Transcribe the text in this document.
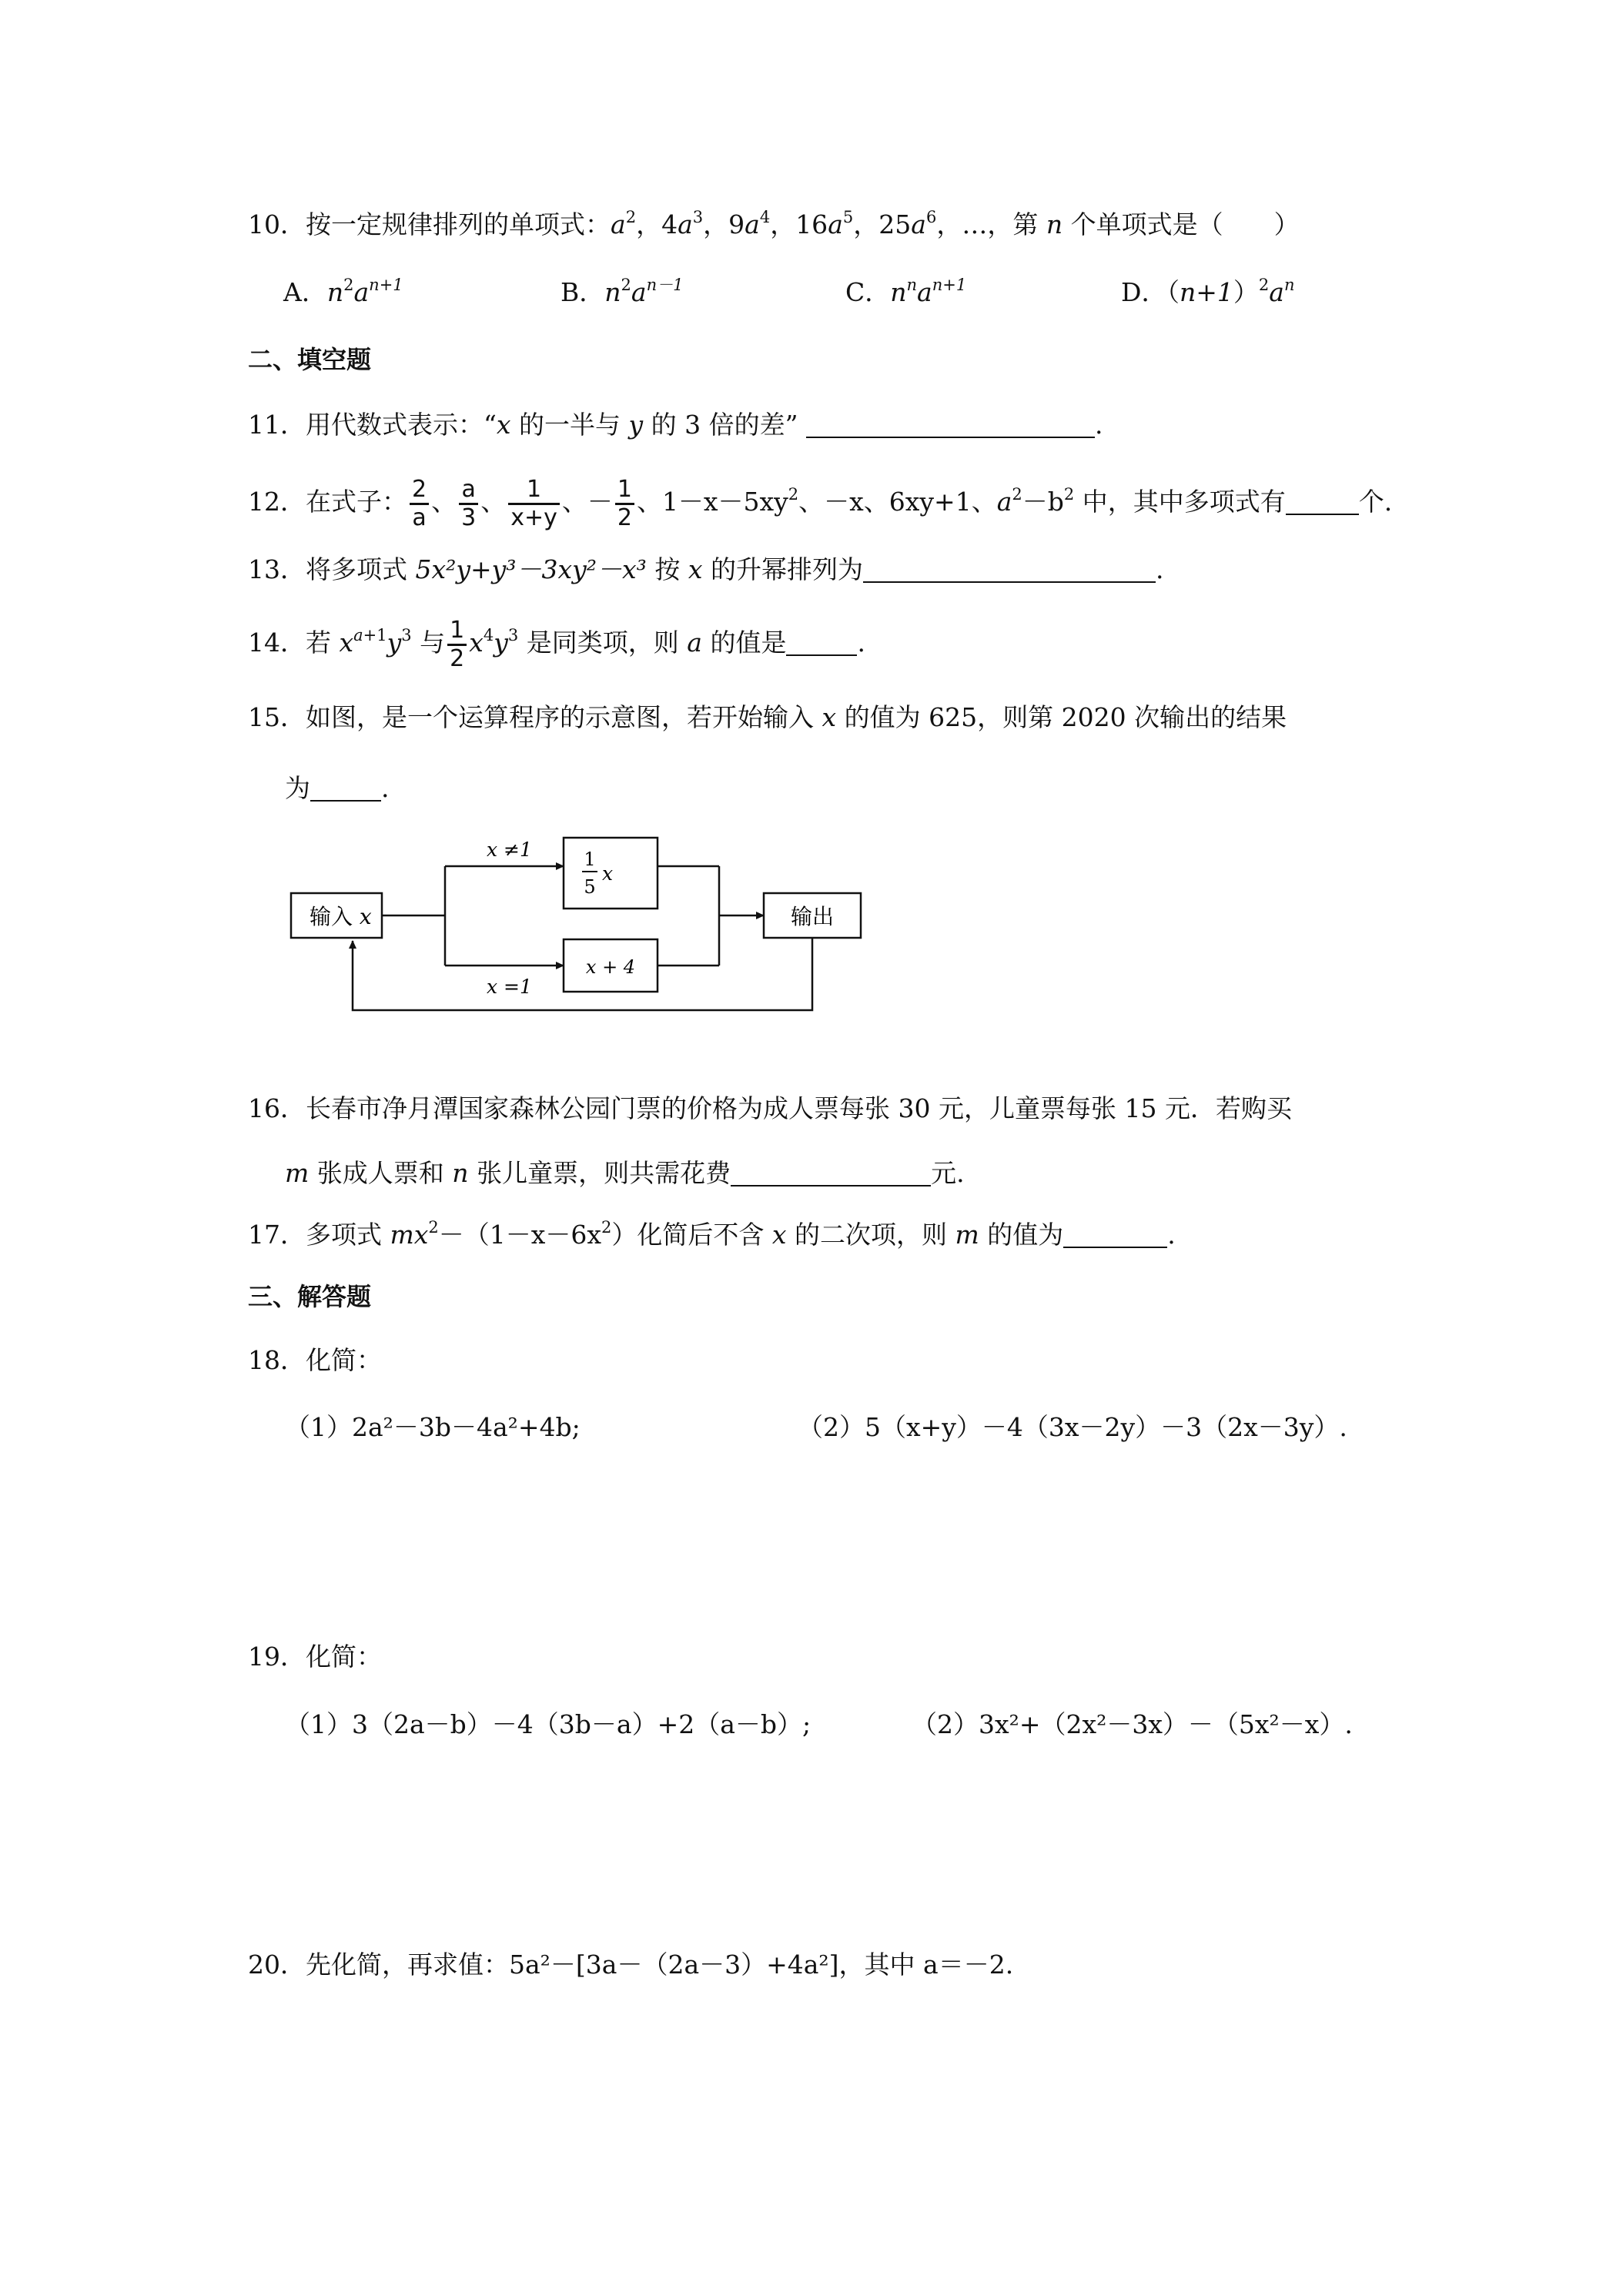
10．按一定规律排列的单项式：$a^2$，$4a^3$，$9a^4$，$16a^5$，$25a^6$，…，第 n 个单项式是（　　）
A．$n^2a^{n+1}$	B．$n^2a^{n-1}$	C．$n^na^{n+1}$	D．$(n+1)^2a^n$
二、填空题
11．用代数式表示：“x 的一半与 y 的 3 倍的差”	.
12．在式子： $\frac{2}{a}$ 、 $\frac{a}{3}$ 、 $\frac{1}{x+y}$ 、－ $\frac{1}{2}$ 、$1-x-5xy^2$、－x、6xy+1、$a^2-b^2$ 中，其中多项式有	个.
13．将多项式 5x²y+y³－3xy²－x³ 按 x 的升幂排列为	.
14．若 $x^{a+1}y^3$ 与 $\frac{1}{2} x^4y^3$ 是同类项，则 a 的值是	.
15．如图，是一个运算程序的示意图，若开始输入 x 的值为 625，则第 2020 次输出的结果
为	.
输入 x
x ≠1
x =1
1
5
x
x + 4
输出
16．长春市净月潭国家森林公园门票的价格为成人票每张 30 元，儿童票每张 15 元．若购买
m 张成人票和 n 张儿童票，则共需花费	元.
17．多项式 $mx^2-(1-x-6x^2)$化简后不含 x 的二次项，则 m 的值为	.
三、解答题
18．化简：
（1）2a²－3b－4a²+4b;	（2）5（x+y）－4（3x－2y）－3（2x－3y）.
19．化简：
（1）3（2a－b）－4（3b－a）+2（a－b）;	（2）3x²+（2x²－3x）－（5x²－x）.
20．先化简，再求值：5a²－[3a－（2a－3）+4a²]，其中 a＝－2.
